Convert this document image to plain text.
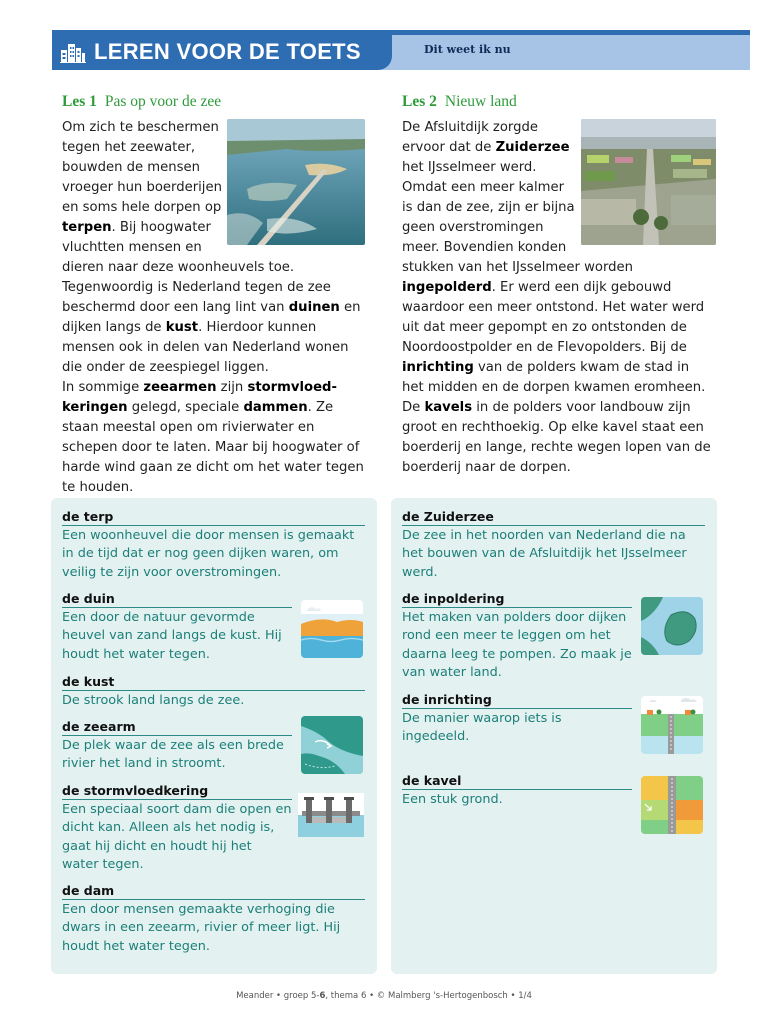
LEREN VOOR DE TOETS	Dit weet ik nu
Les 1 Pas op voor de zee
Om zich te beschermen tegen het zeewater, bouwden de mensen vroeger hun boerderijen en soms hele dorpen op terpen. Bij hoogwater vluchtten mensen en
dieren naar deze woonheuvels toe. Tegenwoordig is Nederland tegen de zee beschermd door een lang lint van duinen en dijken langs de kust. Hierdoor kunnen mensen ook in delen van Nederland wonen die onder de zeespiegel liggen.
In sommige zeearmen zijn stormvloed-
keringen gelegd, speciale dammen. Ze staan meestal open om rivierwater en schepen door te laten. Maar bij hoogwater of harde wind gaan ze dicht om het water tegen te houden.
Les 2 Nieuw land
De Afsluitdijk zorgde ervoor dat de Zuiderzee het IJsselmeer werd. Omdat een meer kalmer is dan de zee, zijn er bijna geen overstromingen meer. Bovendien konden
stukken van het IJsselmeer worden ingepolderd. Er werd een dijk gebouwd waardoor een meer ontstond. Het water werd uit dat meer gepompt en zo ontstonden de Noordoostpolder en de Flevopolders. Bij de inrichting van de polders kwam de stad in het midden en de dorpen kwamen eromheen.
De kavels in de polders voor landbouw zijn groot en rechthoekig. Op elke kavel staat een boerderij en lange, rechte wegen lopen van de boerderij naar de dorpen.
de terp
Een woonheuvel die door mensen is gemaakt in de tijd dat er nog geen dijken waren, om veilig te zijn voor overstromingen.
de duin
Een door de natuur gevormde heuvel van zand langs de kust. Hij houdt het water tegen.
de kust
De strook land langs de zee.
de zeearm
De plek waar de zee als een brede rivier het land in stroomt.
de stormvloedkering
Een speciaal soort dam die open en dicht kan. Alleen als het nodig is, gaat hij dicht en houdt hij het water tegen.
de dam
Een door mensen gemaakte verhoging die dwars in een zeearm, rivier of meer ligt. Hij houdt het water tegen.
de Zuiderzee
De zee in het noorden van Nederland die na het bouwen van de Afsluitdijk het IJsselmeer werd.
de inpoldering
Het maken van polders door dijken rond een meer te leggen om het daarna leeg te pompen. Zo maak je van water land.
de inrichting
De manier waarop iets is ingedeeld.
de kavel
Een stuk grond.
Meander • groep 5-6, thema 6 • © Malmberg 's-Hertogenbosch • 1/4
